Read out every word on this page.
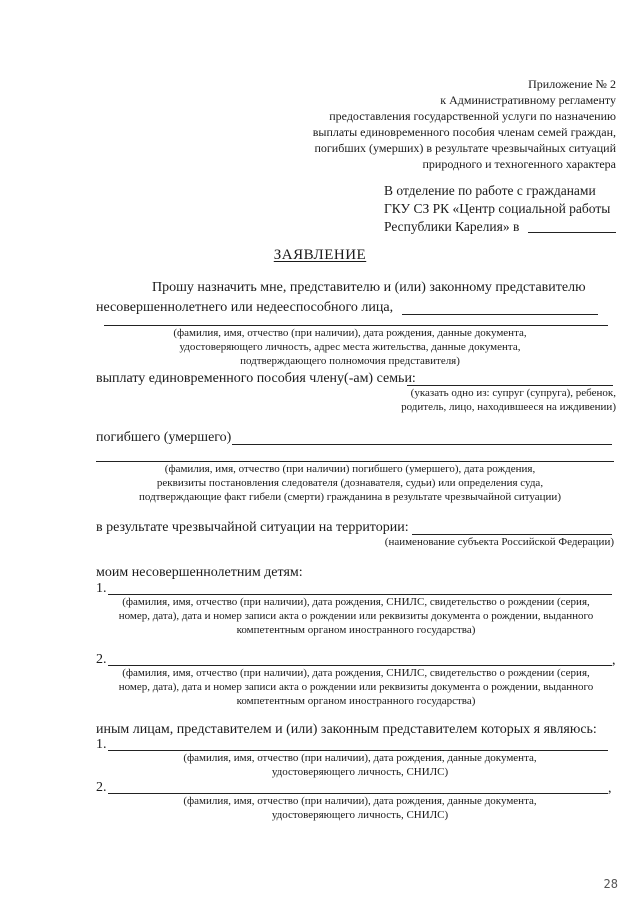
Приложение № 2
к Административному регламенту
предоставления государственной услуги по назначению
выплаты единовременного пособия членам семей граждан,
погибших (умерших) в результате чрезвычайных ситуаций
природного и техногенного характера
В отделение по работе с гражданами
ГКУ СЗ РК «Центр социальной работы
Республики Карелия» в
ЗАЯВЛЕНИЕ
Прошу назначить мне, представителю и (или) законному представителю
несовершеннолетнего или недееспособного лица,
(фамилия, имя, отчество (при наличии), дата рождения, данные документа,
удостоверяющего личность, адрес места жительства, данные документа,
подтверждающего полномочия представителя)
выплату единовременного пособия члену(-ам) семьи:
(указать одно из: супруг (супруга), ребенок,
родитель, лицо, находившееся на иждивении)
погибшего (умершего)
(фамилия, имя, отчество (при наличии) погибшего (умершего), дата рождения,
реквизиты постановления следователя (дознавателя, судьи) или определения суда,
подтверждающие факт гибели (смерти) гражданина в результате чрезвычайной ситуации)
в результате чрезвычайной ситуации на территории:
(наименование субъекта Российской Федерации)
моим несовершеннолетним детям:
1.
(фамилия, имя, отчество (при наличии), дата рождения, СНИЛС, свидетельство о рождении (серия,
номер, дата), дата и номер записи акта о рождении или реквизиты документа о рождении, выданного
компетентным органом иностранного государства)
2.	,
(фамилия, имя, отчество (при наличии), дата рождения, СНИЛС, свидетельство о рождении (серия,
номер, дата), дата и номер записи акта о рождении или реквизиты документа о рождении, выданного
компетентным органом иностранного государства)
иным лицам, представителем и (или) законным представителем которых я являюсь:
1.
(фамилия, имя, отчество (при наличии), дата рождения, данные документа,
удостоверяющего личность, СНИЛС)
2.	,
(фамилия, имя, отчество (при наличии), дата рождения, данные документа,
удостоверяющего личность, СНИЛС)
28
